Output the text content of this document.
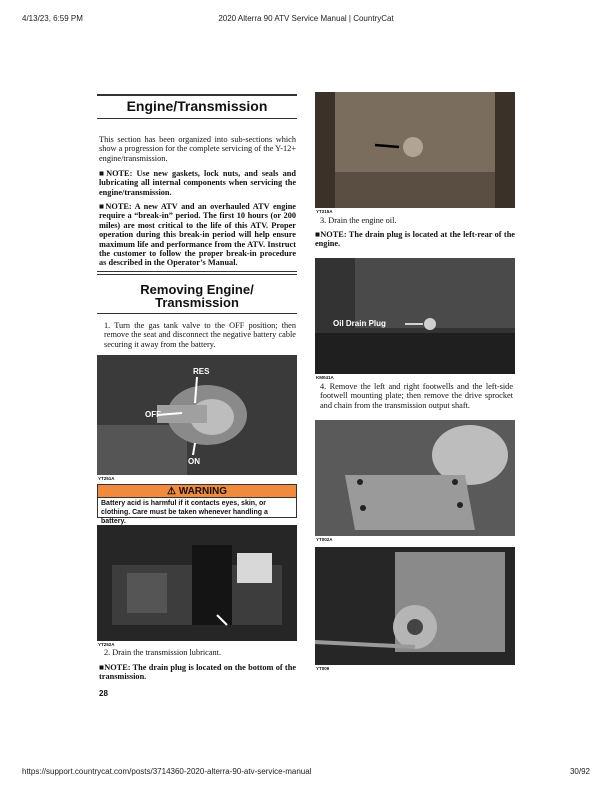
4/13/23, 6:59 PM	2020 Alterra 90 ATV Service Manual | CountryCat
Engine/Transmission
This section has been organized into sub-sections which show a progression for the complete servicing of the Y-12+ engine/transmission.
■NOTE: Use new gaskets, lock nuts, and seals and lubricating all internal components when servicing the engine/transmission.
■NOTE: A new ATV and an overhauled ATV engine require a “break-in” period. The first 10 hours (or 200 miles) are most critical to the life of this ATV. Proper operation during this break-in period will help ensure maximum life and performance from the ATV. Instruct the customer to follow the proper break-in procedure as described in the Operator’s Manual.
Removing Engine/
Transmission
1. Turn the gas tank valve to the OFF position; then remove the seat and disconnect the negative battery cable securing it away from the battery.
RES
OFF
ON
YT251A
⚠ WARNING
Battery acid is harmful if it contacts eyes, skin, or clothing. Care must be taken whenever handling a battery.
YT252A
2. Drain the transmission lubricant.
■NOTE: The drain plug is located on the bottom of the transmission.
28
YT215A
3. Drain the engine oil.
■NOTE: The drain plug is located at the left-rear of the engine.
Oil Drain Plug
KM041A
4. Remove the left and right footwells and the left-side footwell mounting plate; then remove the drive sprocket and chain from the transmission output shaft.
YT002A
YT009
https://support.countrycat.com/posts/3714360-2020-alterra-90-atv-service-manual	30/92
